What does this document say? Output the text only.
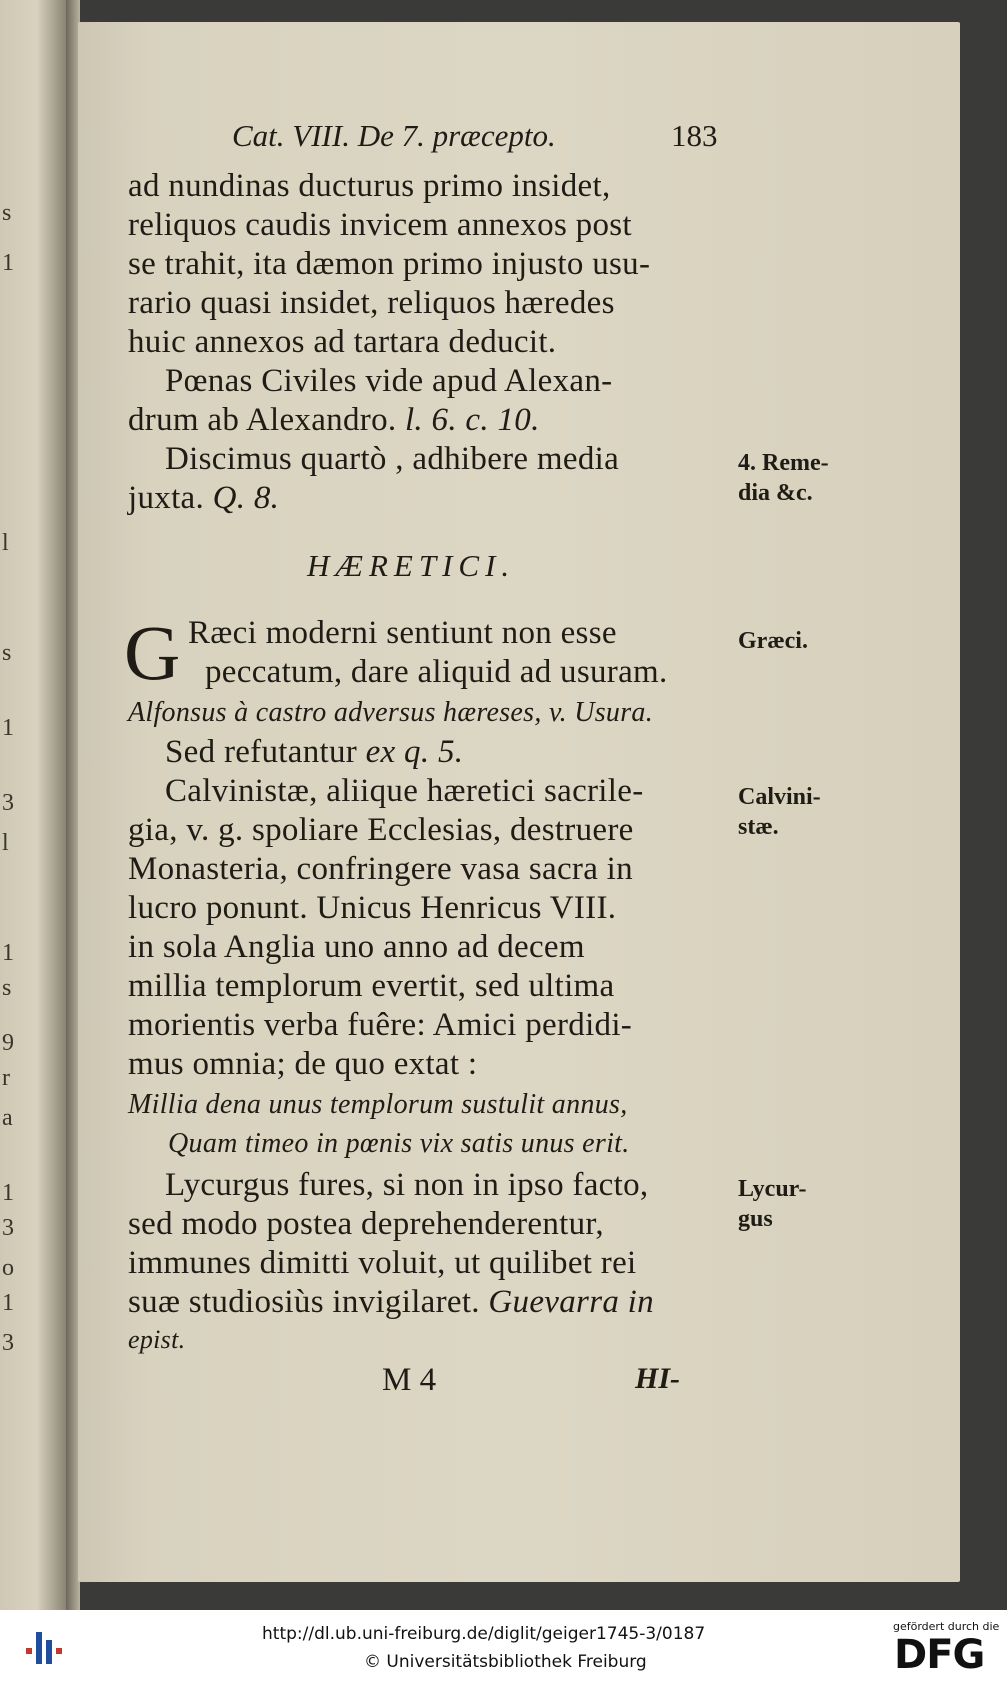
s
1
l
s
1
3
l
1
s
9
r
a
1
3
o
1
3
Cat. VIII. De 7. præcepto.	183
ad nundinas ducturus primo insidet,
reliquos caudis invicem annexos post
se trahit, ita dæmon primo injusto usu-
rario quasi insidet, reliquos hæredes
huic annexos ad tartara deducit.
Pœnas Civiles vide apud Alexan-
drum ab Alexandro. l. 6. c. 10.
Discimus quartò , adhibere media
juxta. Q. 8.
4. Reme-
dia &c.
HÆRETICI.
G Ræci moderni sentiunt non esse
peccatum, dare aliquid ad usuram.
Græci.
Alfonsus à castro adversus hæreses, v. Usura.
Sed refutantur ex q. 5.
Calvinistæ, aliique hæretici sacrile-
gia, v. g. spoliare Ecclesias, destruere
Monasteria, confringere vasa sacra in
lucro ponunt. Unicus Henricus VIII.
in sola Anglia uno anno ad decem
millia templorum evertit, sed ultima
morientis verba fuêre: Amici perdidi-
mus omnia; de quo extat :
Calvini-
stæ.
Millia dena unus templorum sustulit annus,
Quam timeo in pœnis vix satis unus erit.
Lycurgus fures, si non in ipso facto,
sed modo postea deprehenderentur,
immunes dimitti voluit, ut quilibet rei
suæ studiosiùs invigilaret. Guevarra in
epist.
Lycur-
gus
M 4	HI-
http://dl.ub.uni-freiburg.de/diglit/geiger1745-3/0187
© Universitätsbibliothek Freiburg
gefördert durch die
DFG
